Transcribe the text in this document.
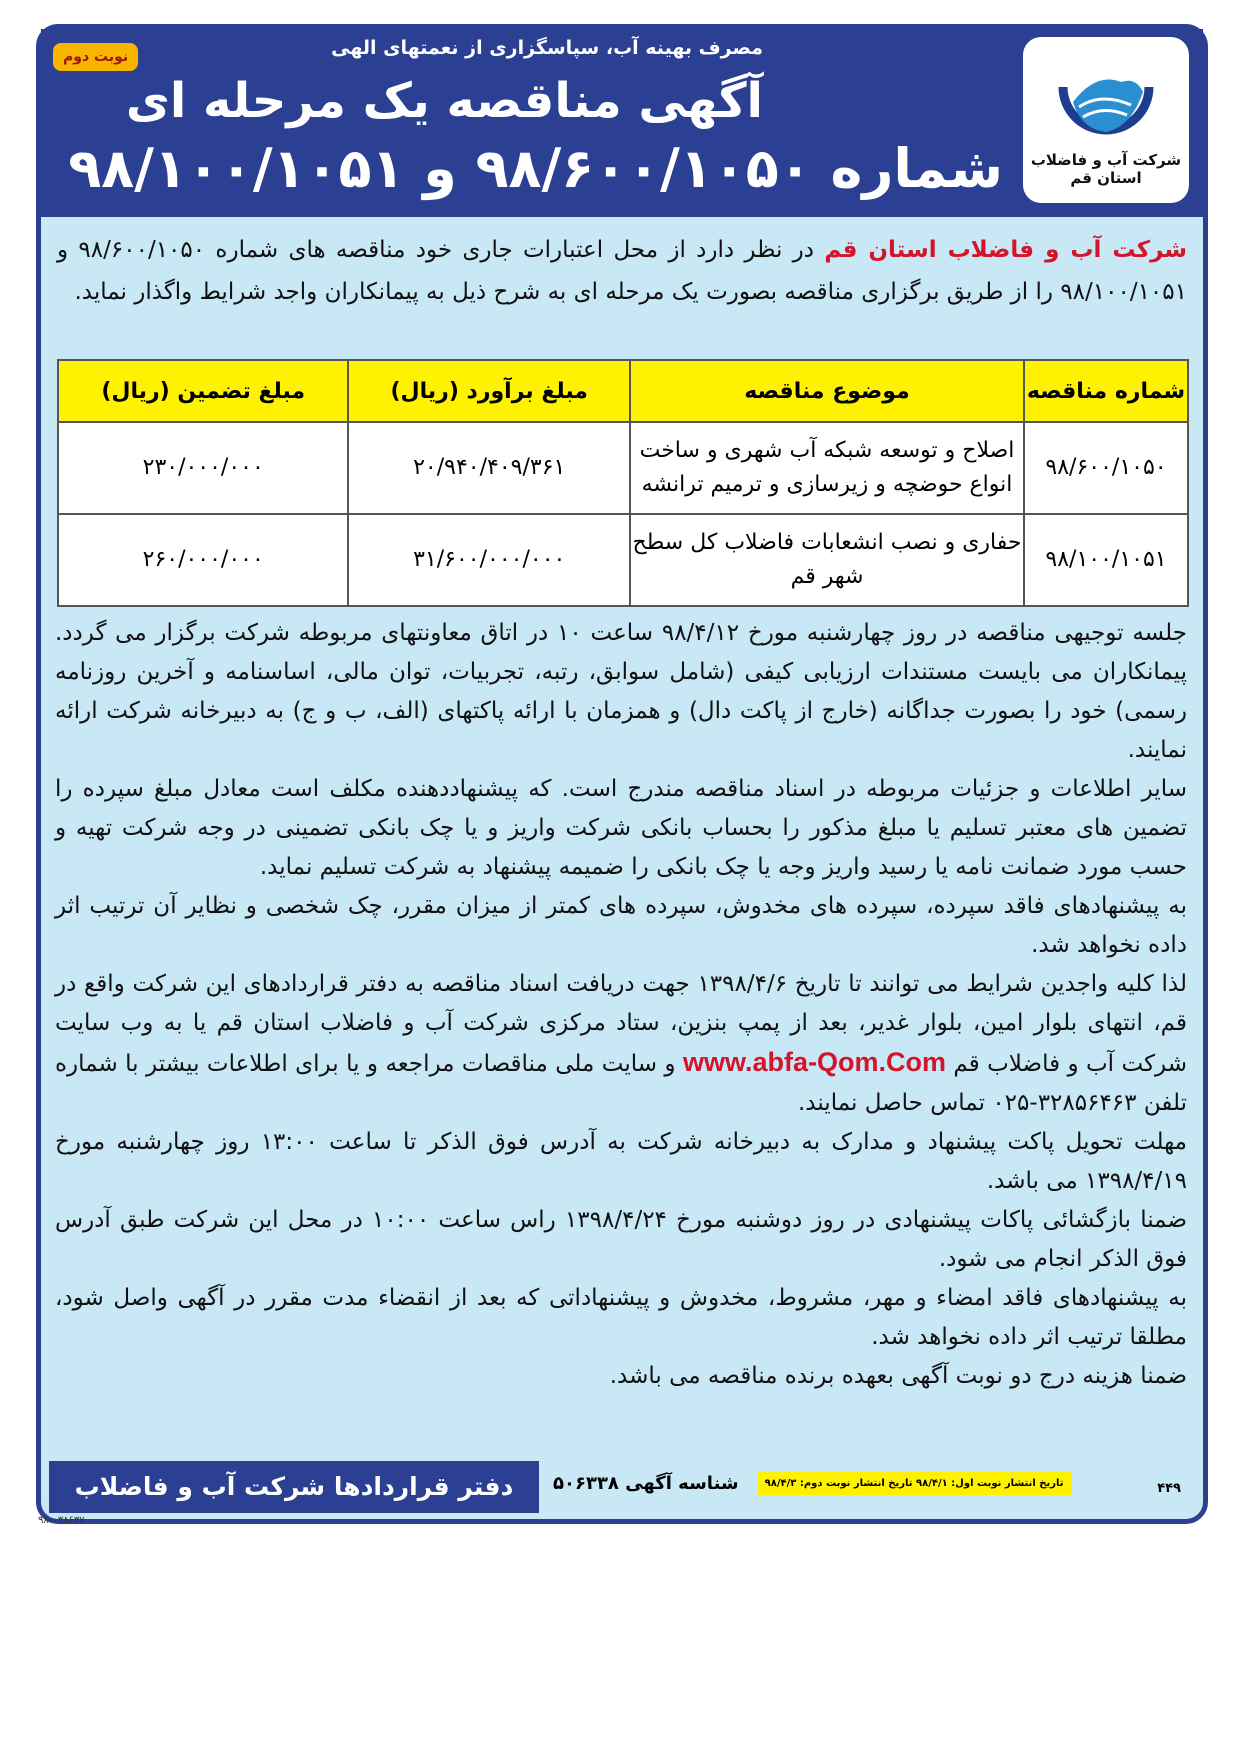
شرکت آب و فاضلاب
استان قم
مصرف بهینه آب، سپاسگزاری از نعمتهای الهی
نوبت دوم
آگهی مناقصه یک مرحله ای
شماره ۹۸/۶۰۰/۱۰۵۰ و ۹۸/۱۰۰/۱۰۵۱
شرکت آب و فاضلاب استان قم در نظر دارد از محل اعتبارات جاری خود مناقصه های شماره ۹۸/۶۰۰/۱۰۵۰ و ۹۸/۱۰۰/۱۰۵۱ را از طریق برگزاری مناقصه بصورت یک مرحله ای به شرح ذیل به پیمانکاران واجد شرایط واگذار نماید.
شماره مناقصه	موضوع مناقصه	مبلغ برآورد (ریال)	مبلغ تضمین (ریال)
۹۸/۶۰۰/۱۰۵۰	اصلاح و توسعه شبکه آب شهری و ساخت انواع حوضچه و زیرسازی و ترمیم ترانشه	۲۰/۹۴۰/۴۰۹/۳۶۱	۲۳۰/۰۰۰/۰۰۰
۹۸/۱۰۰/۱۰۵۱	حفاری و نصب انشعابات فاضلاب کل سطح شهر قم	۳۱/۶۰۰/۰۰۰/۰۰۰	۲۶۰/۰۰۰/۰۰۰

جلسه توجیهی مناقصه در روز چهارشنبه مورخ ۹۸/۴/۱۲ ساعت ۱۰ در اتاق معاونتهای مربوطه شرکت برگزار می گردد. پیمانکاران می بایست مستندات ارزیابی کیفی (شامل سوابق، رتبه، تجربیات، توان مالی، اساسنامه و آخرین روزنامه رسمی) خود را بصورت جداگانه (خارج از پاکت دال) و همزمان با ارائه پاکتهای (الف، ب و ج) به دبیرخانه شرکت ارائه نمایند.

سایر اطلاعات و جزئیات مربوطه در اسناد مناقصه مندرج است. که پیشنهاددهنده مکلف است معادل مبلغ سپرده را تضمین های معتبر تسلیم یا مبلغ مذکور را بحساب بانکی شرکت واریز و یا چک بانکی تضمینی در وجه شرکت تهیه و حسب مورد ضمانت نامه یا رسید واریز وجه یا چک بانکی را ضمیمه پیشنهاد به شرکت تسلیم نماید.

به پیشنهادهای فاقد سپرده، سپرده های مخدوش، سپرده های کمتر از میزان مقرر، چک شخصی و نظایر آن ترتیب اثر داده نخواهد شد.

لذا کلیه واجدین شرایط می توانند تا تاریخ ۱۳۹۸/۴/۶ جهت دریافت اسناد مناقصه به دفتر قراردادهای این شرکت واقع در قم، انتهای بلوار امین، بلوار غدیر، بعد از پمپ بنزین، ستاد مرکزی شرکت آب و فاضلاب استان قم یا به وب سایت شرکت آب و فاضلاب قم www.abfa-Qom.Com و سایت ملی مناقصات مراجعه و یا برای اطلاعات بیشتر با شماره تلفن ۳۲۸۵۶۴۶۳-۰۲۵ تماس حاصل نمایند.

مهلت تحویل پاکت پیشنهاد و مدارک به دبیرخانه شرکت به آدرس فوق الذکر تا ساعت ۱۳:۰۰ روز چهارشنبه مورخ ۱۳۹۸/۴/۱۹ می باشد.

ضمنا بازگشائی پاکات پیشنهادی در روز دوشنبه مورخ ۱۳۹۸/۴/۲۴ راس ساعت ۱۰:۰۰ در محل این شرکت طبق آدرس فوق الذکر انجام می شود.

به پیشنهادهای فاقد امضاء و مهر، مشروط، مخدوش و پیشنهاداتی که بعد از انقضاء مدت مقرر در آگهی واصل شود، مطلقا ترتیب اثر داده نخواهد شد.

ضمنا هزینه درج دو نوبت آگهی بعهده برنده مناقصه می باشد.

دفتر قراردادها شرکت آب و فاضلاب استان قم
شناسه آگهی ۵۰۶۳۳۸	تاریخ انتشار نوبت اول: ۹۸/۴/۱ تاریخ انتشار نوبت دوم: ۹۸/۴/۳	۴۴۹
۹۸-۰۳۸۶۳۷
